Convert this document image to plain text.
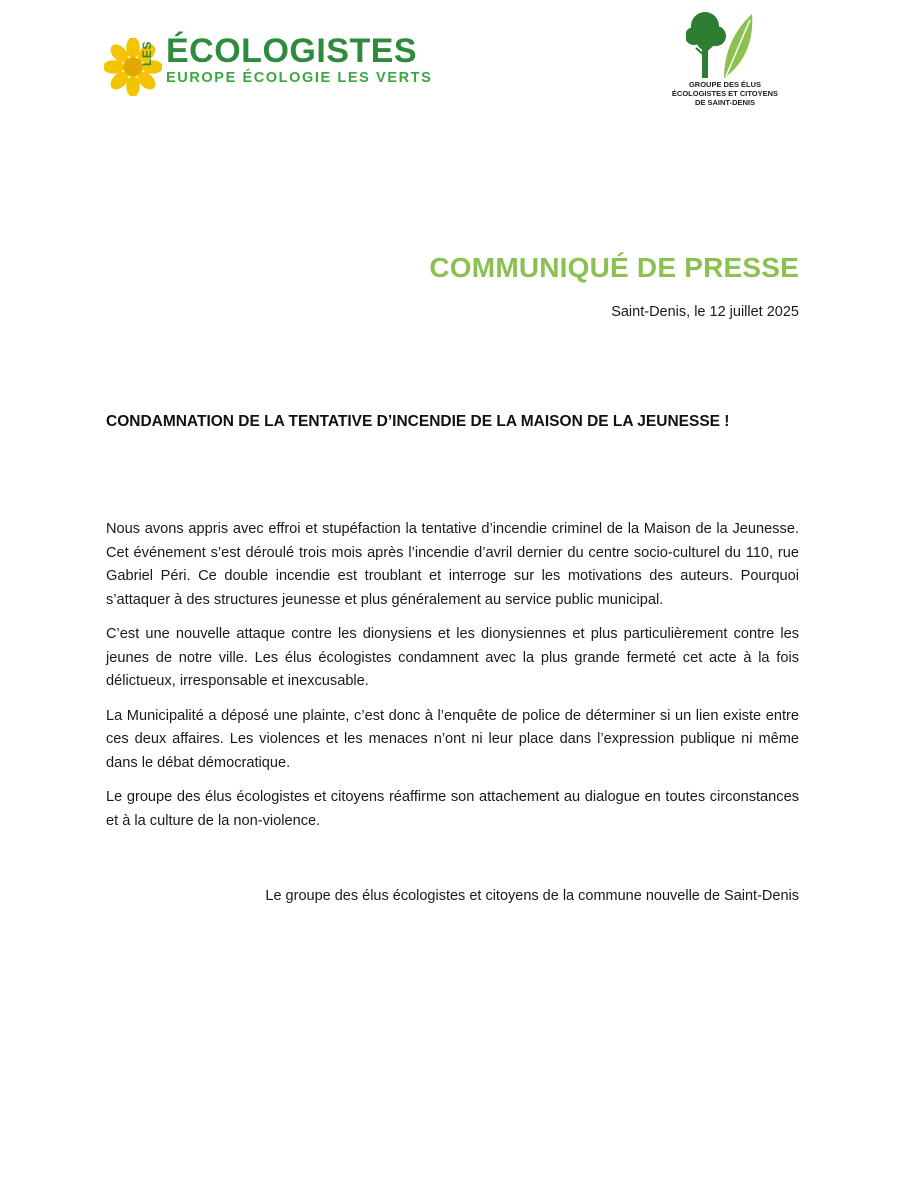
LES ÉCOLOGISTES
EUROPE ÉCOLOGIE LES VERTS	GROUPE DES ÉLUS
ÉCOLOGISTES ET CITOYENS
DE SAINT-DENIS
COMMUNIQUÉ DE PRESSE
Saint-Denis, le 12 juillet 2025
CONDAMNATION DE LA TENTATIVE D’INCENDIE DE LA MAISON DE LA JEUNESSE !

Nous avons appris avec effroi et stupéfaction la tentative d’incendie criminel de la Maison de la Jeunesse. Cet événement s’est déroulé trois mois après l’incendie d’avril dernier du centre socio-culturel du 110, rue Gabriel Péri. Ce double incendie est troublant et interroge sur les motivations des auteurs. Pourquoi s’attaquer à des structures jeunesse et plus généralement au service public municipal.

C’est une nouvelle attaque contre les dionysiens et les dionysiennes et plus particulièrement contre les jeunes de notre ville. Les élus écologistes condamnent avec la plus grande fermeté cet acte à la fois délictueux, irresponsable et inexcusable.

La Municipalité a déposé une plainte, c’est donc à l’enquête de police de déterminer si un lien existe entre ces deux affaires. Les violences et les menaces n’ont ni leur place dans l’expression publique ni même dans le débat démocratique.

Le groupe des élus écologistes et citoyens réaffirme son attachement au dialogue en toutes circonstances et à la culture de la non-violence.

Le groupe des élus écologistes et citoyens de la commune nouvelle de Saint-Denis
